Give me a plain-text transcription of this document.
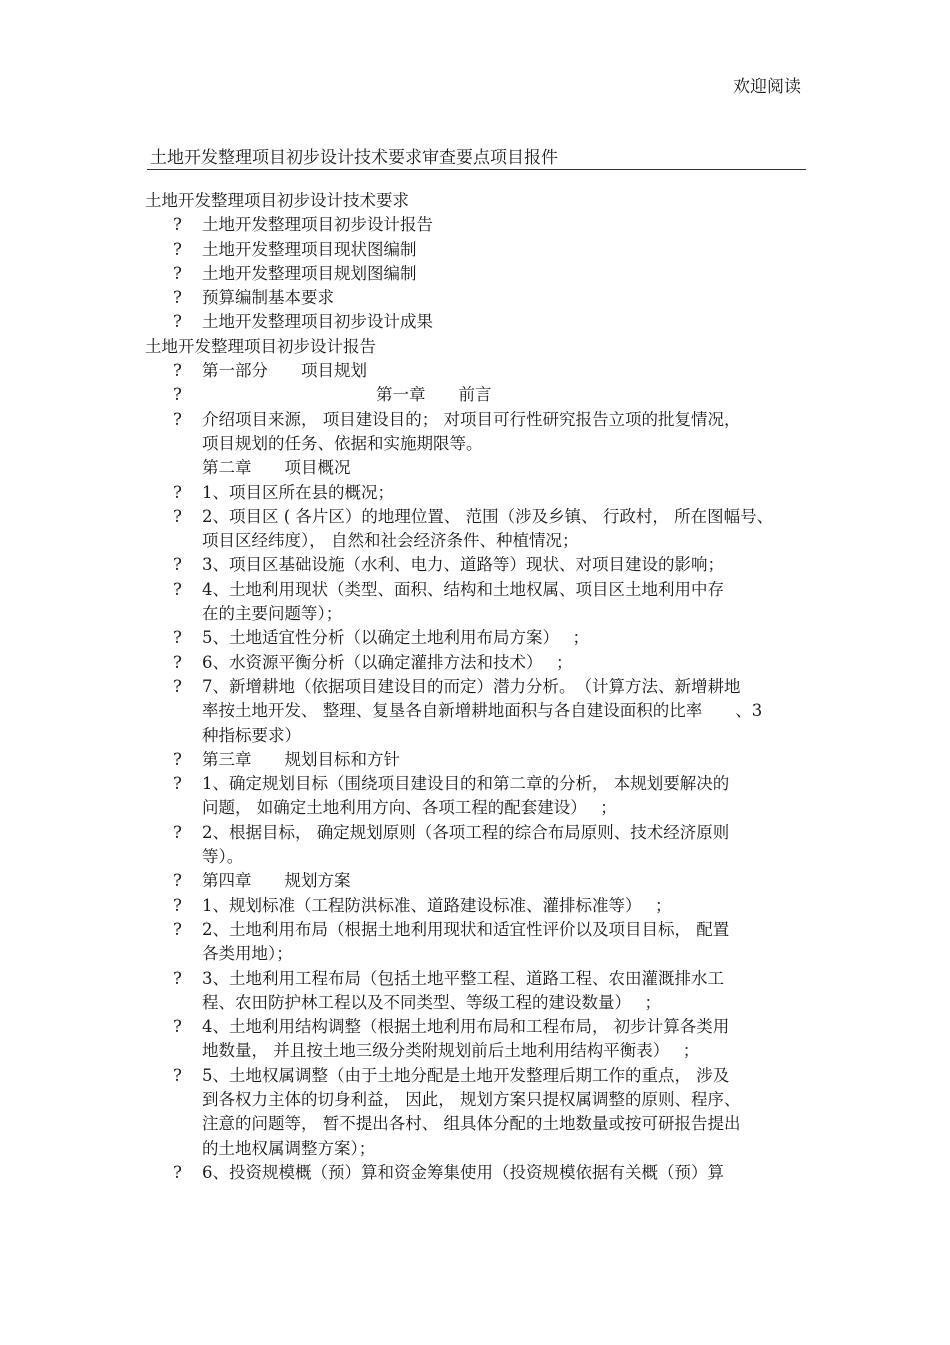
欢迎阅读
土地开发整理项目初步设计技术要求审查要点项目报件
土地开发整理项目初步设计技术要求
? 土地开发整理项目初步设计报告
? 土地开发整理项目现状图编制
? 土地开发整理项目规划图编制
? 预算编制基本要求
? 土地开发整理项目初步设计成果
土地开发整理项目初步设计报告
? 第一部分　　项目规划
?	第一章　　前言
? 介绍项目来源， 项目建设目的； 对项目可行性研究报告立项的批复情况，
项目规划的任务、依据和实施期限等。
第二章　　项目概况
? 1、项目区所在县的概况；
? 2、项目区 ( 各片区）的地理位置、 范围（涉及乡镇、 行政村， 所在图幅号、
项目区经纬度）， 自然和社会经济条件、种植情况；
? 3、项目区基础设施（水利、电力、道路等）现状、对项目建设的影响；
? 4、土地利用现状（类型、面积、结构和土地权属、项目区土地利用中存
在的主要问题等）；
? 5、土地适宜性分析（以确定土地利用布局方案）　 ；
? 6、水资源平衡分析（以确定灌排方法和技术）　 ；
? 7、新增耕地（依据项目建设目的而定）潜力分析。　（计算方法、新增耕地
率按土地开发、 整理、复垦各自新增耕地面积与各自建设面积的比率　　、3
种指标要求）
? 第三章　　规划目标和方针
? 1、确定规划目标（围绕项目建设目的和第二章的分析， 本规划要解决的
问题， 如确定土地利用方向、各项工程的配套建设）　 ；
? 2、根据目标， 确定规划原则（各项工程的综合布局原则、技术经济原则
等）。
? 第四章　　规划方案
? 1、规划标准（工程防洪标准、道路建设标准、灌排标准等）　 ；
? 2、土地利用布局（根据土地利用现状和适宜性评价以及项目目标， 配置
各类用地）；
? 3、土地利用工程布局（包括土地平整工程、道路工程、农田灌溉排水工
程、农田防护林工程以及不同类型、等级工程的建设数量）　 ；
? 4、土地利用结构调整（根据土地利用布局和工程布局， 初步计算各类用
地数量， 并且按土地三级分类附规划前后土地利用结构平衡表）　 ；
? 5、土地权属调整（由于土地分配是土地开发整理后期工作的重点， 涉及
到各权力主体的切身利益， 因此， 规划方案只提权属调整的原则、程序、
注意的问题等， 暂不提出各村、 组具体分配的土地数量或按可研报告提出
的土地权属调整方案）；
? 6、投资规模概（预）算和资金筹集使用（投资规模依据有关概（预）算
